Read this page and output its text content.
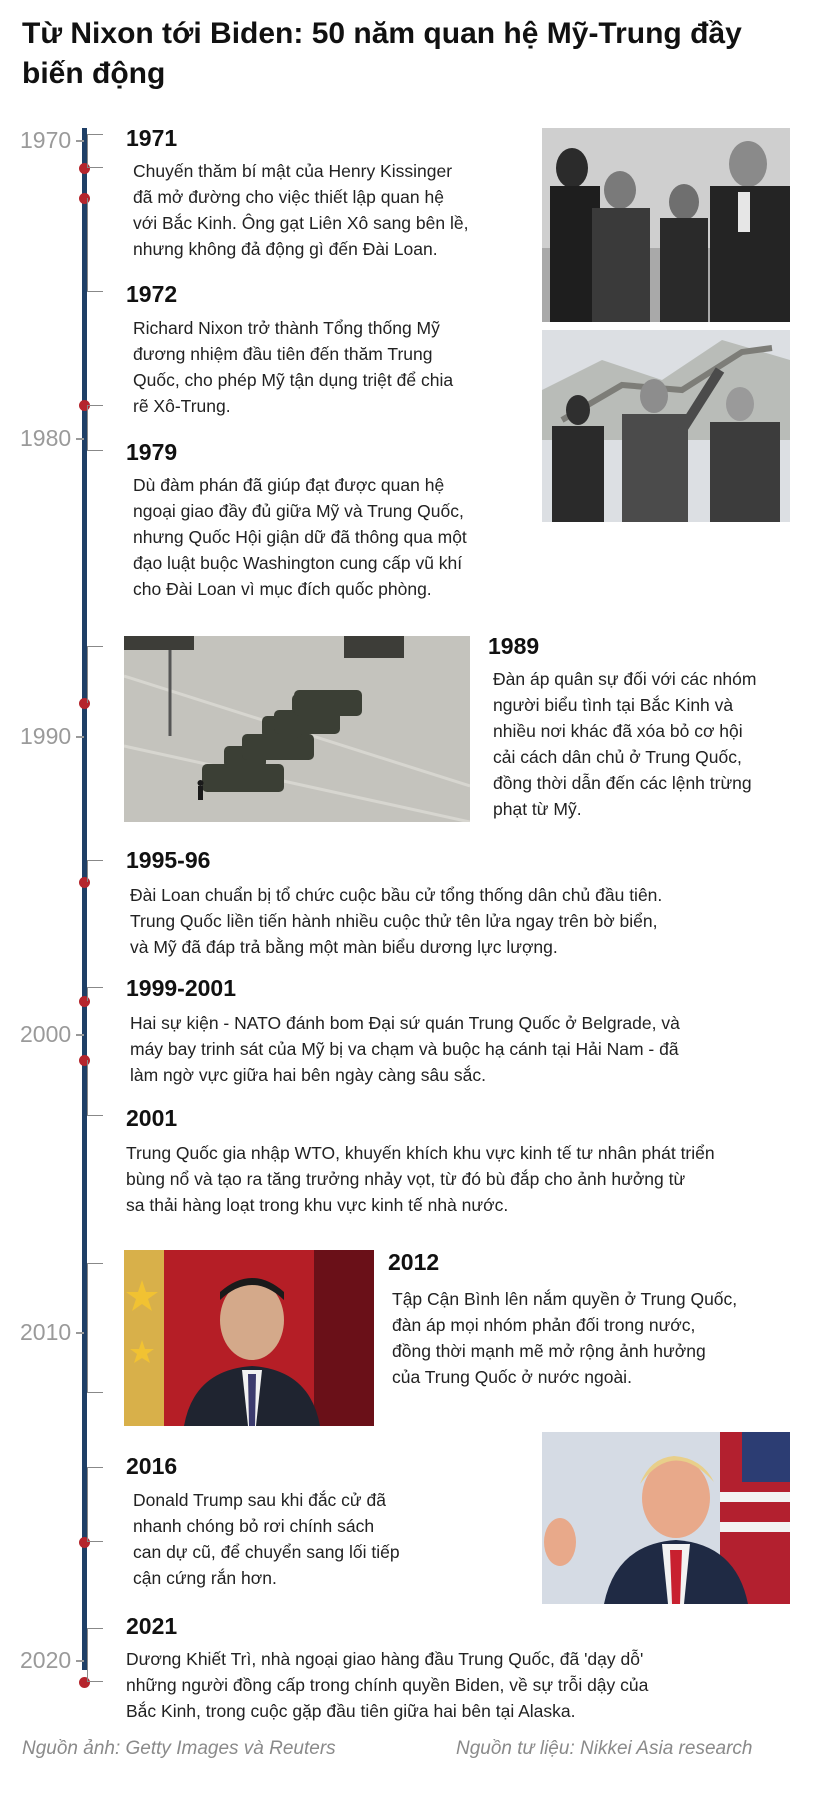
Từ Nixon tới Biden: 50 năm quan hệ Mỹ-Trung đầy biến động
1970
1980
1990
2000
2010
2020
1971

Chuyến thăm bí mật của Henry Kissinger

đã mở đường cho việc thiết lập quan hệ

với Bắc Kinh. Ông gạt Liên Xô sang bên lề,

nhưng không đả động gì đến Đài Loan.

1972

Richard Nixon trở thành Tổng thống Mỹ

đương nhiệm đầu tiên đến thăm Trung

Quốc, cho phép Mỹ tận dụng triệt để chia

rẽ Xô-Trung.

1979

Dù đàm phán đã giúp đạt được quan hệ

ngoại giao đầy đủ giữa Mỹ và Trung Quốc,

nhưng Quốc Hội giận dữ đã thông qua một

đạo luật buộc Washington cung cấp vũ khí

cho Đài Loan vì mục đích quốc phòng.

1989

Đàn áp quân sự đối với các nhóm

người biểu tình tại Bắc Kinh và

nhiều nơi khác đã xóa bỏ cơ hội

cải cách dân chủ ở Trung Quốc,

đồng thời dẫn đến các lệnh trừng

phạt từ Mỹ.

1995-96

Đài Loan chuẩn bị tổ chức cuộc bầu cử tổng thống dân chủ đầu tiên.

Trung Quốc liền tiến hành nhiều cuộc thử tên lửa ngay trên bờ biển,

và Mỹ đã đáp trả bằng một màn biểu dương lực lượng.

1999-2001

Hai sự kiện - NATO đánh bom Đại sứ quán Trung Quốc ở Belgrade, và

máy bay trinh sát của Mỹ bị va chạm và buộc hạ cánh tại Hải Nam - đã

làm ngờ vực giữa hai bên ngày càng sâu sắc.

2001

Trung Quốc gia nhập WTO, khuyến khích khu vực kinh tế tư nhân phát triển

bùng nổ và tạo ra tăng trưởng nhảy vọt, từ đó bù đắp cho ảnh hưởng từ

sa thải hàng loạt trong khu vực kinh tế nhà nước.

2012

Tập Cận Bình lên nắm quyền ở Trung Quốc,

đàn áp mọi nhóm phản đối trong nước,

đồng thời mạnh mẽ mở rộng ảnh hưởng

của Trung Quốc ở nước ngoài.

2016

Donald Trump sau khi đắc cử đã

nhanh chóng bỏ rơi chính sách

can dự cũ, để chuyển sang lối tiếp

cận cứng rắn hơn.

2021

Dương Khiết Trì, nhà ngoại giao hàng đầu Trung Quốc, đã 'dạy dỗ'

những người đồng cấp trong chính quyền Biden, về sự trỗi dậy của

Bắc Kinh, trong cuộc gặp đầu tiên giữa hai bên tại Alaska.

Nguồn ảnh: Getty Images và Reuters	Nguồn tư liệu: Nikkei Asia research
